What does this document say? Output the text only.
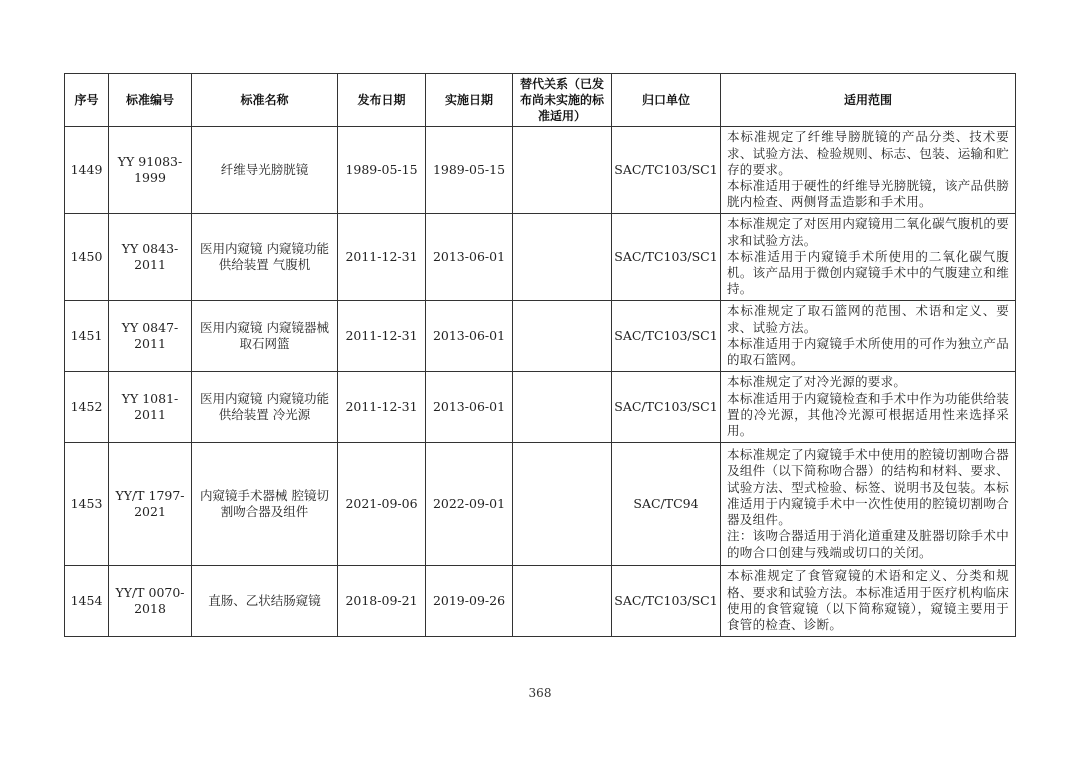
序号	标准编号	标准名称	发布日期	实施日期	替代关系（已发布尚未实施的标准适用）	归口单位	适用范围
1449	YY 91083-1999	纤维导光膀胱镜	1989-05-15	1989-05-15		SAC/TC103/SC1	本标准规定了纤维导膀胱镜的产品分类、技术要求、试验方法、检验规则、标志、包装、运输和贮存的要求。
本标准适用于硬性的纤维导光膀胱镜，该产品供膀胱内检查、两侧肾盂造影和手术用。

1450	YY 0843-2011	医用内窥镜 内窥镜功能供给装置 气腹机	2011-12-31	2013-06-01		SAC/TC103/SC1	本标准规定了对医用内窥镜用二氧化碳气腹机的要求和试验方法。
本标准适用于内窥镜手术所使用的二氧化碳气腹机。该产品用于微创内窥镜手术中的气腹建立和维持。

1451	YY 0847-2011	医用内窥镜 内窥镜器械 取石网篮	2011-12-31	2013-06-01		SAC/TC103/SC1	本标准规定了取石篮网的范围、术语和定义、要求、试验方法。
本标准适用于内窥镜手术所使用的可作为独立产品的取石篮网。

1452	YY 1081-2011	医用内窥镜 内窥镜功能供给装置 冷光源	2011-12-31	2013-06-01		SAC/TC103/SC1	本标准规定了对冷光源的要求。
本标准适用于内窥镜检查和手术中作为功能供给装置的冷光源，其他冷光源可根据适用性来选择采用。

1453	YY/T 1797-2021	内窥镜手术器械 腔镜切割吻合器及组件	2021-09-06	2022-09-01		SAC/TC94	本标准规定了内窥镜手术中使用的腔镜切割吻合器及组件（以下简称吻合器）的结构和材料、要求、试验方法、型式检验、标签、说明书及包装。本标准适用于内窥镜手术中一次性使用的腔镜切割吻合器及组件。
注：该吻合器适用于消化道重建及脏器切除手术中的吻合口创建与残端或切口的关闭。

1454	YY/T 0070-2018	直肠、乙状结肠窥镜	2018-09-21	2019-09-26		SAC/TC103/SC1	本标准规定了食管窥镜的术语和定义、分类和规格、要求和试验方法。本标准适用于医疗机构临床使用的食管窥镜（以下简称窥镜），窥镜主要用于食管的检查、诊断。
368
